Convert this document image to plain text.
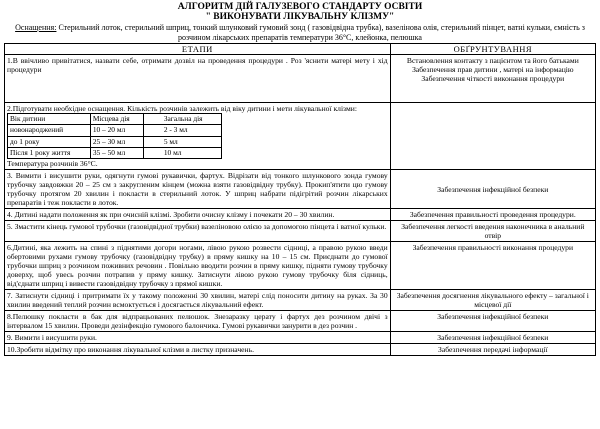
АЛГОРИТМ ДІЙ ГАЛУЗЕВОГО СТАНДАРТУ ОСВІТИ

" ВИКОНУВАТИ ЛІКУВАЛЬНУ КЛІЗМУ"

Оснащення: Стерильний лоток, стерильний шприц, тонкий шлунковий гумовий зонд ( газовідвідна трубка), вазелінова олія, стерильний пінцет, ватні кульки, ємність з розчином лікарських препаратів температури 36°С, клейонка, пелюшка

ЕТАПИ	ОБҐРУНТУВАННЯ
1.В ввічливо привітатися, назвати себе, отримати дозвіл на проведення процедури . Роз 'яснити матері мету і хід процедури	
Встановлення контакту з пацієнтом та його батьками
Забезпечення прав дитини , матері на інформацію
Забезпечення чіткості виконання процедури

2.Підготувати необхідне оснащення. Кількість розчинів залежить від віку дитини і мети лікувальної клізми:
Вік дитини	Місцева дія	Загальна дія
новонароджений	10 – 20 мл	2 - 3 мл
до 1 року	25 – 30 мл	5 мл
Після 1 року життя	35 – 50 мл	10 мл
Температура розчинів 36°С.

3. Вимити і висушити руки, одягнути гумові рукавички, фартух. Відрізати від тонкого шлункового зонда гумову трубочку завдовжки 20 – 25 см з закругленим кінцем (можна взяти газовідвідну трубку). Прокип'ятити цю гумову трубочку протягом 20 хвилин і покласти в стерильний лоток. У шприц набрати підігрітий розчин лікарських препаратів і теж покласти в лоток.	Забезпечення інфекційної безпеки
4. Дитині надати положення як при очисній клізмі. Зробити очисну клізму і почекати 20 – 30 хвилин.	Забезпечення правильності проведення процедури.
5. Змастити кінець гумової трубочки (газовідвідної трубки) вазеліновою олією за допомогою пінцета і ватної кульки.	Забезпечення легкості введення наконечника в анальний отвір
6.Дитині, яка лежить на спині з піднятими догори ногами, лівою рукою розвести сідниці, а правою рукою введи обертовими рухами гумову трубочку (газовідвідну трубку) в пряму кишку на 10 – 15 см. Приєднати до гумової трубочки шприц з розчином поживних речовин . Повільно вводити розчин в пряму кишку, підняти гумову трубочку доверху, щоб увесь розчин потрапив у пряму кишку. Затиснути лівою рукою гумову трубочку біля сідниць, від'єднати шприц і вивести газовідвідну трубочку з прямої кишки.	Забезпечення правильності виконання процедури
7. Затиснути сідниці і притримати їх у такому положенні 30 хвилин, матері слід поносити дитину на руках. За 30 хвилин введений теплий розчин всмоктується і досягається лікувальний ефект.	Забезпечення досягнення лікувального ефекту – загальної і місцевої дії
8.Пелюшку покласти в бак для відпрацьованих пелюшок. Знезаразку церату і фартух дез розчином двічі з інтервалом 15 хвилин. Проведи дезінфекцію гумового балончика. Гумові рукавички занурити в дез розчин .	Забезпечення інфекційної безпеки
9. Вимити і висушити руки.	Забезпечення інфекційної безпеки
10.Зробити відмітку про виконання лікувальної клізми в листку призначень.	Забезпечення передачі інформації
